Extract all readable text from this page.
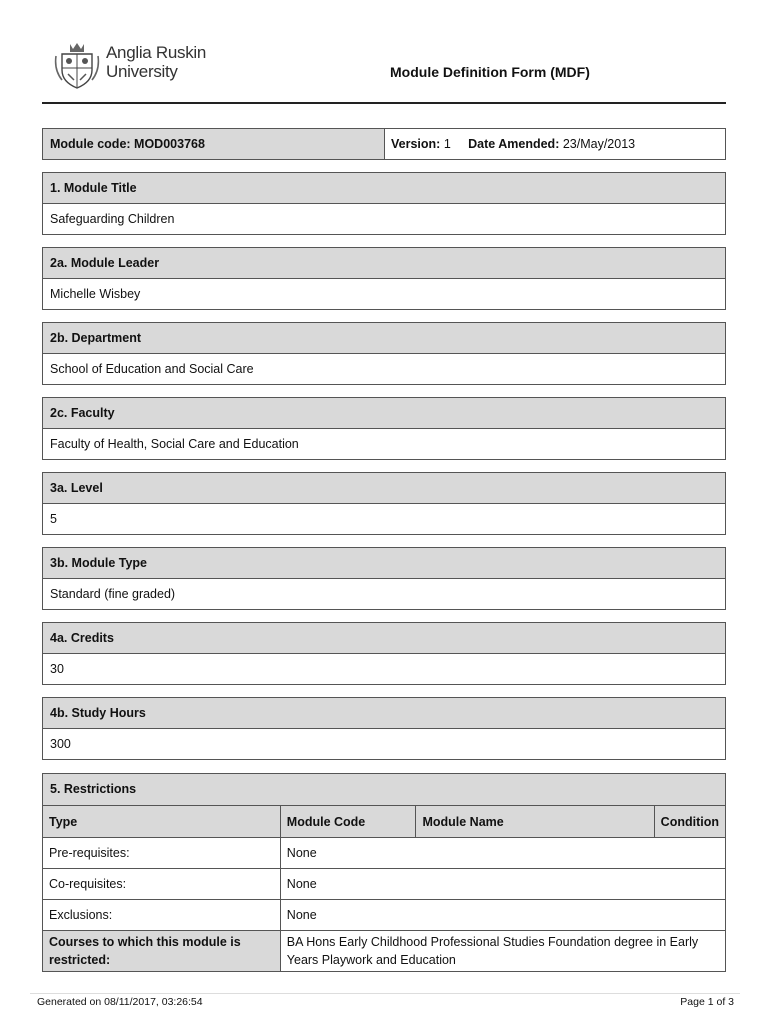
Anglia Ruskin
University	Module Definition Form (MDF)
Module code: MOD003768	Version: 1 Date Amended: 23/May/2013
1. Module Title
Safeguarding Children
2a. Module Leader
Michelle Wisbey
2b. Department
School of Education and Social Care
2c. Faculty
Faculty of Health, Social Care and Education
3a. Level
5
3b. Module Type
Standard (fine graded)
4a. Credits
30
4b. Study Hours
300
5. Restrictions
Type	Module Code	Module Name	Condition
Pre-requisites:	None		
Co-requisites:	None		
Exclusions:	None		
Courses to which this module is restricted:	BA Hons Early Childhood Professional Studies Foundation degree in Early Years Playwork and Education		
Generated on 08/11/2017, 03:26:54	Page 1 of 3
